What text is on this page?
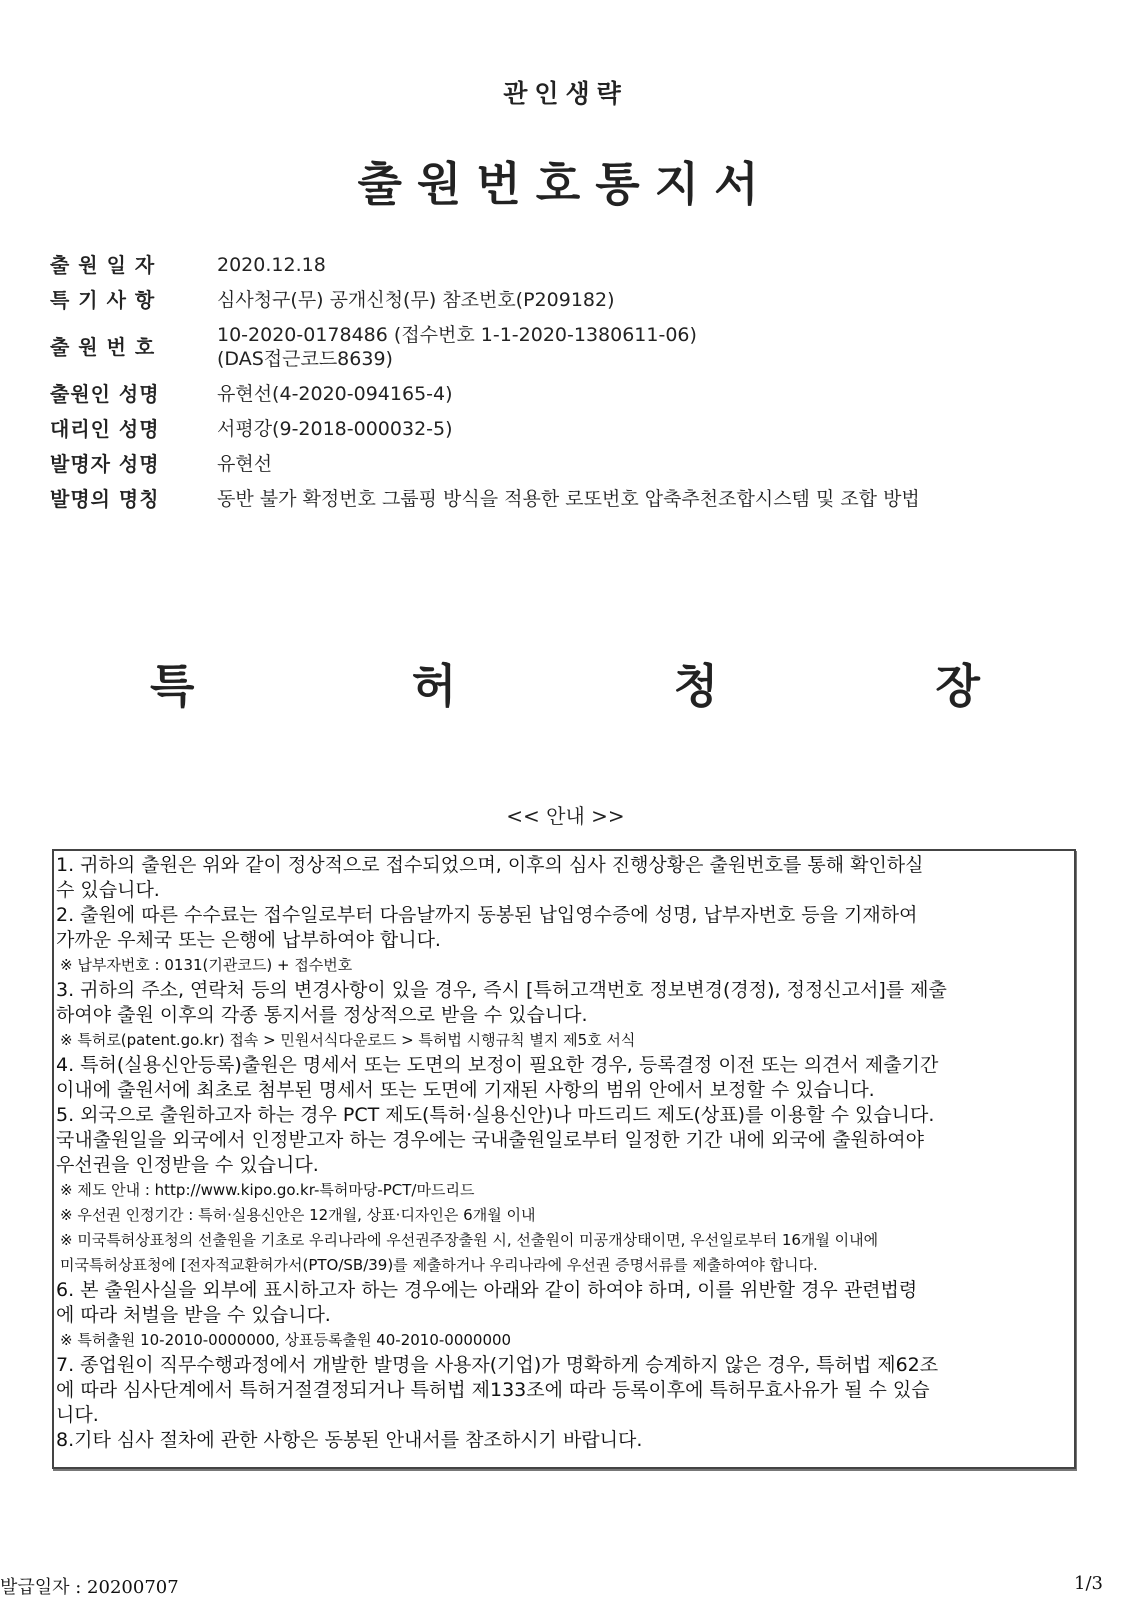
관인생략
출원번호통지서
출 원 일 자	2020.12.18
특 기 사 항	심사청구(무) 공개신청(무) 참조번호(P209182)
출 원 번 호	10-2020-0178486 (접수번호 1-1-2020-1380611-06)
(DAS접근코드8639)
출원인 성명	유현선(4-2020-094165-4)
대리인 성명	서평강(9-2018-000032-5)
발명자 성명	유현선
발명의 명칭	동반 불가 확정번호 그룹핑 방식을 적용한 로또번호 압축추천조합시스템 및 조합 방법
특	허	청	장
<< 안내 >>
1. 귀하의 출원은 위와 같이 정상적으로 접수되었으며, 이후의 심사 진행상황은 출원번호를 통해 확인하실
수 있습니다.
2. 출원에 따른 수수료는 접수일로부터 다음날까지 동봉된 납입영수증에 성명, 납부자번호 등을 기재하여
가까운 우체국 또는 은행에 납부하여야 합니다.
※ 납부자번호 : 0131(기관코드) + 접수번호
3. 귀하의 주소, 연락처 등의 변경사항이 있을 경우, 즉시 [특허고객번호 정보변경(경정), 정정신고서]를 제출
하여야 출원 이후의 각종 통지서를 정상적으로 받을 수 있습니다.
※ 특허로(patent.go.kr) 접속 > 민원서식다운로드 > 특허법 시행규칙 별지 제5호 서식
4. 특허(실용신안등록)출원은 명세서 또는 도면의 보정이 필요한 경우, 등록결정 이전 또는 의견서 제출기간
이내에 출원서에 최초로 첨부된 명세서 또는 도면에 기재된 사항의 범위 안에서 보정할 수 있습니다.
5. 외국으로 출원하고자 하는 경우 PCT 제도(특허·실용신안)나 마드리드 제도(상표)를 이용할 수 있습니다.
국내출원일을 외국에서 인정받고자 하는 경우에는 국내출원일로부터 일정한 기간 내에 외국에 출원하여야
우선권을 인정받을 수 있습니다.
※ 제도 안내 : http://www.kipo.go.kr-특허마당-PCT/마드리드
※ 우선권 인정기간 : 특허·실용신안은 12개월, 상표·디자인은 6개월 이내
※ 미국특허상표청의 선출원을 기초로 우리나라에 우선권주장출원 시, 선출원이 미공개상태이면, 우선일로부터 16개월 이내에
미국특허상표청에 [전자적교환허가서(PTO/SB/39)를 제출하거나 우리나라에 우선권 증명서류를 제출하여야 합니다.
6. 본 출원사실을 외부에 표시하고자 하는 경우에는 아래와 같이 하여야 하며, 이를 위반할 경우 관련법령
에 따라 처벌을 받을 수 있습니다.
※ 특허출원 10-2010-0000000, 상표등록출원 40-2010-0000000
7. 종업원이 직무수행과정에서 개발한 발명을 사용자(기업)가 명확하게 승계하지 않은 경우, 특허법 제62조
에 따라 심사단계에서 특허거절결정되거나 특허법 제133조에 따라 등록이후에 특허무효사유가 될 수 있습
니다.
8.기타 심사 절차에 관한 사항은 동봉된 안내서를 참조하시기 바랍니다.
발급일자 : 20200707	1/3
